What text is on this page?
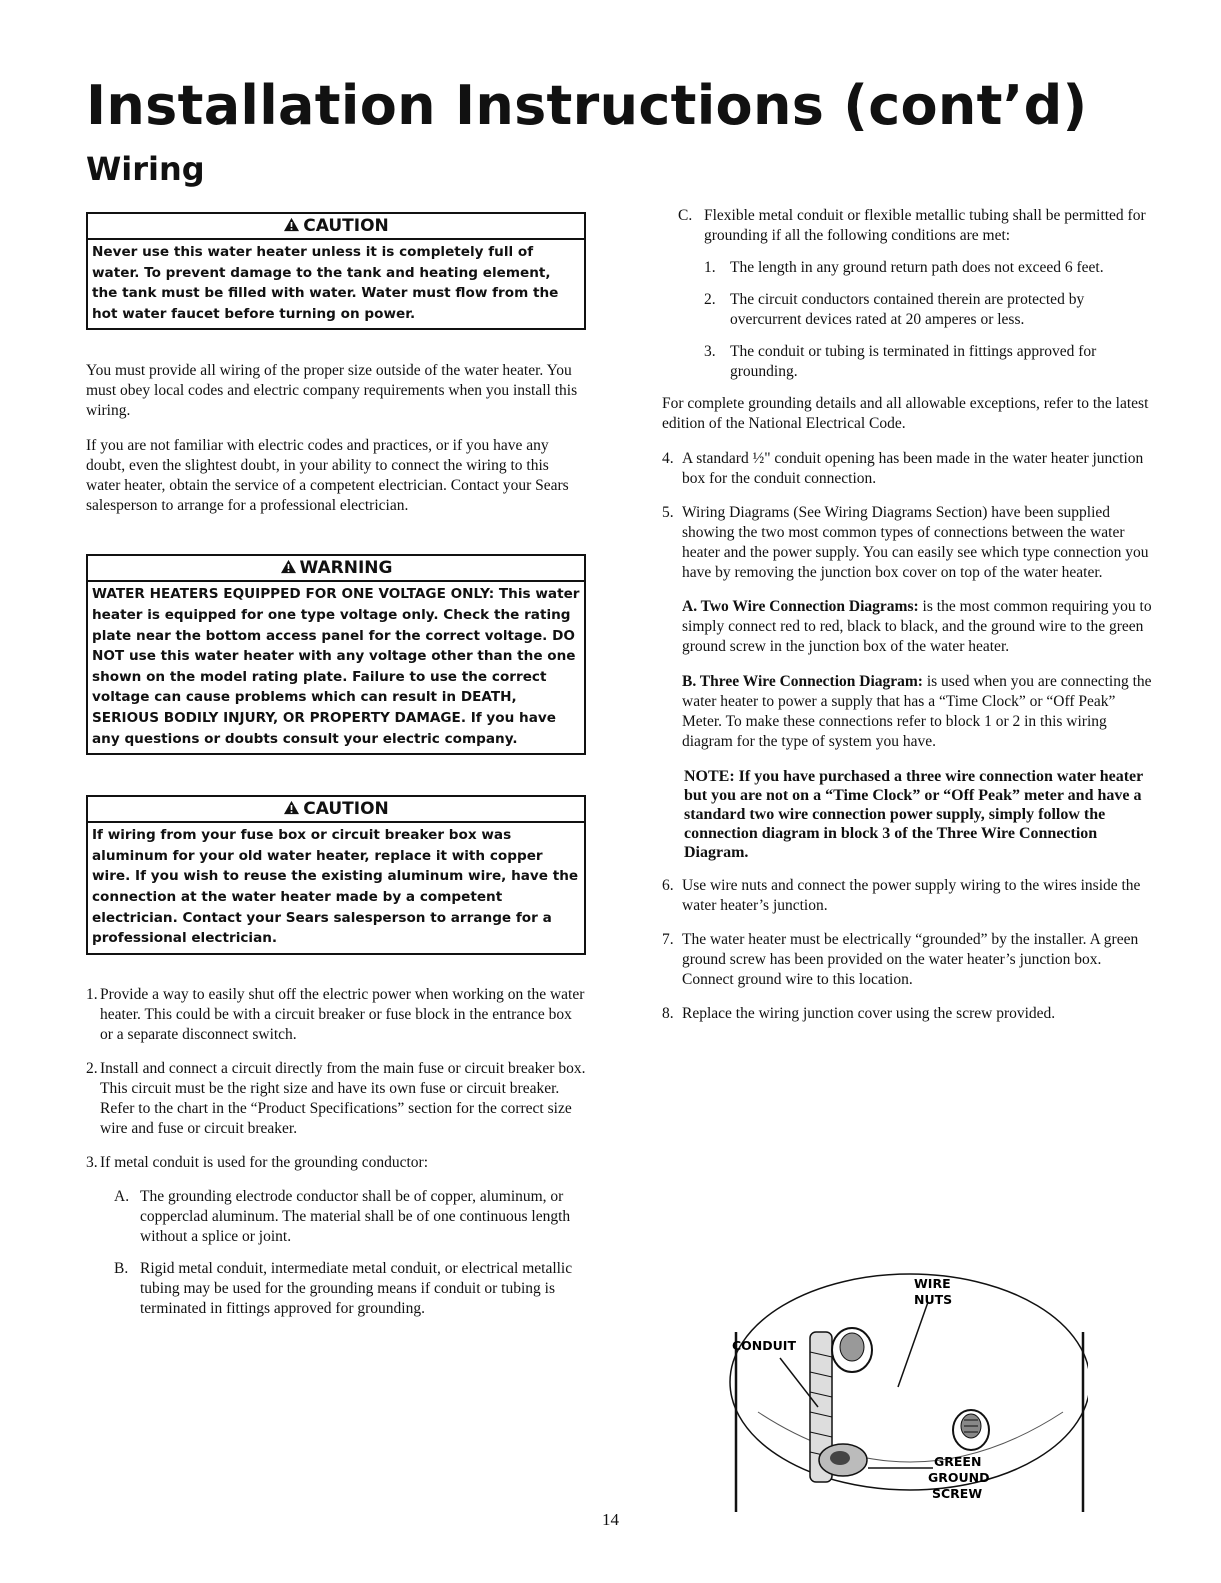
Installation Instructions (cont’d)
Wiring
CAUTION
Never use this water heater unless it is completely full of water. To prevent damage to the tank and heating element, the tank must be filled with water. Water must flow from the hot water faucet before turning on power.

You must provide all wiring of the proper size outside of the water heater. You must obey local codes and electric company requirements when you install this wiring.

If you are not familiar with electric codes and practices, or if you have any doubt, even the slightest doubt, in your ability to connect the wiring to this water heater, obtain the service of a competent electrician. Contact your Sears salesperson to arrange for a professional electrician.

WARNING
WATER HEATERS EQUIPPED FOR ONE VOLTAGE ONLY: This water heater is equipped for one type voltage only. Check the rating plate near the bottom access panel for the correct voltage. DO NOT use this water heater with any voltage other than the one shown on the model rating plate. Failure to use the correct voltage can cause problems which can result in DEATH, SERIOUS BODILY INJURY, OR PROPERTY DAMAGE. If you have any questions or doubts consult your electric company.
CAUTION
If wiring from your fuse box or circuit breaker box was aluminum for your old water heater, replace it with copper wire. If you wish to reuse the existing aluminum wire, have the connection at the water heater made by a competent electrician. Contact your Sears salesperson to arrange for a professional electrician.
1. Provide a way to easily shut off the electric power when working on the water heater. This could be with a circuit breaker or fuse block in the entrance box or a separate disconnect switch.
2. Install and connect a circuit directly from the main fuse or circuit breaker box. This circuit must be the right size and have its own fuse or circuit breaker. Refer to the chart in the “Product Specifications” section for the correct size wire and fuse or circuit breaker.
3. If metal conduit is used for the grounding conductor:
A. The grounding electrode conductor shall be of copper, aluminum, or copperclad aluminum. The material shall be of one continuous length without a splice or joint.
B. Rigid metal conduit, intermediate metal conduit, or electrical metallic tubing may be used for the grounding means if conduit or tubing is terminated in fittings approved for grounding.
C. Flexible metal conduit or flexible metallic tubing shall be permitted for grounding if all the following conditions are met:
1. The length in any ground return path does not exceed 6 feet.
2. The circuit conductors contained therein are protected by overcurrent devices rated at 20 amperes or less.
3. The conduit or tubing is terminated in fittings approved for grounding.

For complete grounding details and all allowable exceptions, refer to the latest edition of the National Electrical Code.

4. A standard ½" conduit opening has been made in the water heater junction box for the conduit connection.
5. Wiring Diagrams (See Wiring Diagrams Section) have been supplied showing the two most common types of connections between the water heater and the power supply. You can easily see which type connection you have by removing the junction box cover on top of the water heater.

A. Two Wire Connection Diagrams: is the most common requiring you to simply connect red to red, black to black, and the ground wire to the green ground screw in the junction box of the water heater.

B. Three Wire Connection Diagram: is used when you are connecting the water heater to power a supply that has a “Time Clock” or “Off Peak” Meter. To make these connections refer to block 1 or 2 in this wiring diagram for the type of system you have.

NOTE: If you have purchased a three wire connection water heater but you are not on a “Time Clock” or “Off Peak” meter and have a standard two wire connection power supply, simply follow the connection diagram in block 3 of the Three Wire Connection Diagram.

6. Use wire nuts and connect the power supply wiring to the wires inside the water heater’s junction.
7. The water heater must be electrically “grounded” by the installer. A green ground screw has been provided on the water heater’s junction box. Connect ground wire to this location.
8. Replace the wiring junction cover using the screw provided.
WIRE
NUTS
CONDUIT
GREEN
GROUND
SCREW
14
